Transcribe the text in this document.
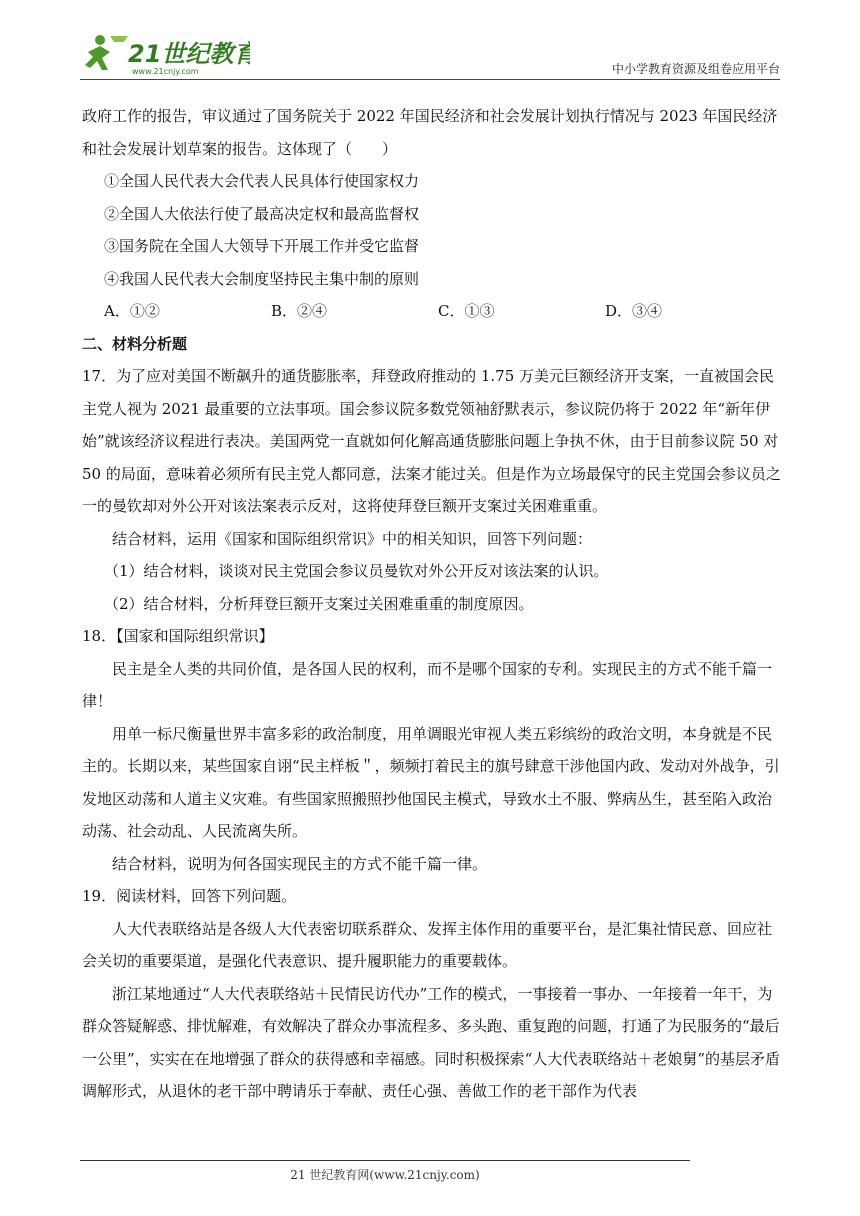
21世纪教育
www.21cnjy.com	中小学教育资源及组卷应用平台

政府工作的报告，审议通过了国务院关于 2022 年国民经济和社会发展计划执行情况与 2023 年国民经济和社会发展计划草案的报告。这体现了（　　）

①全国人民代表大会代表人民具体行使国家权力

②全国人大依法行使了最高决定权和最高监督权

③国务院在全国人大领导下开展工作并受它监督

④我国人民代表大会制度坚持民主集中制的原则

A．①②	B．②④	C．①③	D．③④

二、材料分析题

17．为了应对美国不断飙升的通货膨胀率，拜登政府推动的 1.75 万美元巨额经济开支案，一直被国会民主党人视为 2021 最重要的立法事项。国会参议院多数党领袖舒默表示，参议院仍将于 2022 年“新年伊始”就该经济议程进行表决。美国两党一直就如何化解高通货膨胀问题上争执不休，由于目前参议院 50 对 50 的局面，意味着必须所有民主党人都同意，法案才能过关。但是作为立场最保守的民主党国会参议员之一的曼钦却对外公开对该法案表示反对，这将使拜登巨额开支案过关困难重重。

结合材料，运用《国家和国际组织常识》中的相关知识，回答下列问题：

（1）结合材料，谈谈对民主党国会参议员曼钦对外公开反对该法案的认识。

（2）结合材料，分析拜登巨额开支案过关困难重重的制度原因。

18．【国家和国际组织常识】

民主是全人类的共同价值，是各国人民的权利，而不是哪个国家的专利。实现民主的方式不能千篇一律！

用单一标尺衡量世界丰富多彩的政治制度，用单调眼光审视人类五彩缤纷的政治文明，本身就是不民主的。长期以来，某些国家自诩“民主样板＂，频频打着民主的旗号肆意干涉他国内政、发动对外战争，引发地区动荡和人道主义灾难。有些国家照搬照抄他国民主模式，导致水土不服、弊病丛生，甚至陷入政治动荡、社会动乱、人民流离失所。

结合材料，说明为何各国实现民主的方式不能千篇一律。

19．阅读材料，回答下列问题。

人大代表联络站是各级人大代表密切联系群众、发挥主体作用的重要平台，是汇集社情民意、回应社会关切的重要渠道，是强化代表意识、提升履职能力的重要载体。

浙江某地通过“人大代表联络站＋民情民访代办”工作的模式，一事接着一事办、一年接着一年干，为群众答疑解惑、排忧解难，有效解决了群众办事流程多、多头跑、重复跑的问题，打通了为民服务的“最后一公里”，实实在在地增强了群众的获得感和幸福感。同时积极探索“人大代表联络站＋老娘舅”的基层矛盾调解形式，从退休的老干部中聘请乐于奉献、责任心强、善做工作的老干部作为代表

21 世纪教育网(www.21cnjy.com)
